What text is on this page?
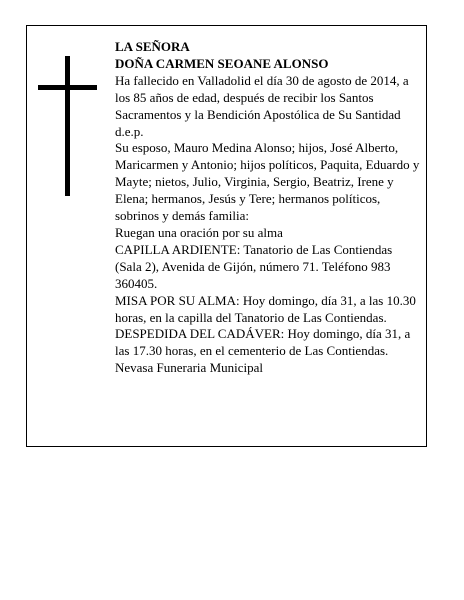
LA SEÑORA

DOÑA CARMEN SEOANE ALONSO

Ha fallecido en Valladolid el día 30 de agosto de 2014, a los 85 años de edad, después de recibir los Santos Sacramentos y la Bendición Apostólica de Su Santidad d.e.p.

Su esposo, Mauro Medina Alonso; hijos, José Alberto, Maricarmen y Antonio; hijos políticos, Paquita, Eduardo y Mayte; nietos, Julio, Virginia, Sergio, Beatriz, Irene y Elena; hermanos, Jesús y Tere; hermanos políticos, sobrinos y demás familia:

Ruegan una oración por su alma

CAPILLA ARDIENTE: Tanatorio de Las Contiendas (Sala 2), Avenida de Gijón, número 71. Teléfono 983 360405.

MISA POR SU ALMA: Hoy domingo, día 31, a las 10.30 horas, en la capilla del Tanatorio de Las Contiendas.

DESPEDIDA DEL CADÁVER: Hoy domingo, día 31, a las 17.30 horas, en el cementerio de Las Contiendas.

Nevasa Funeraria Municipal
